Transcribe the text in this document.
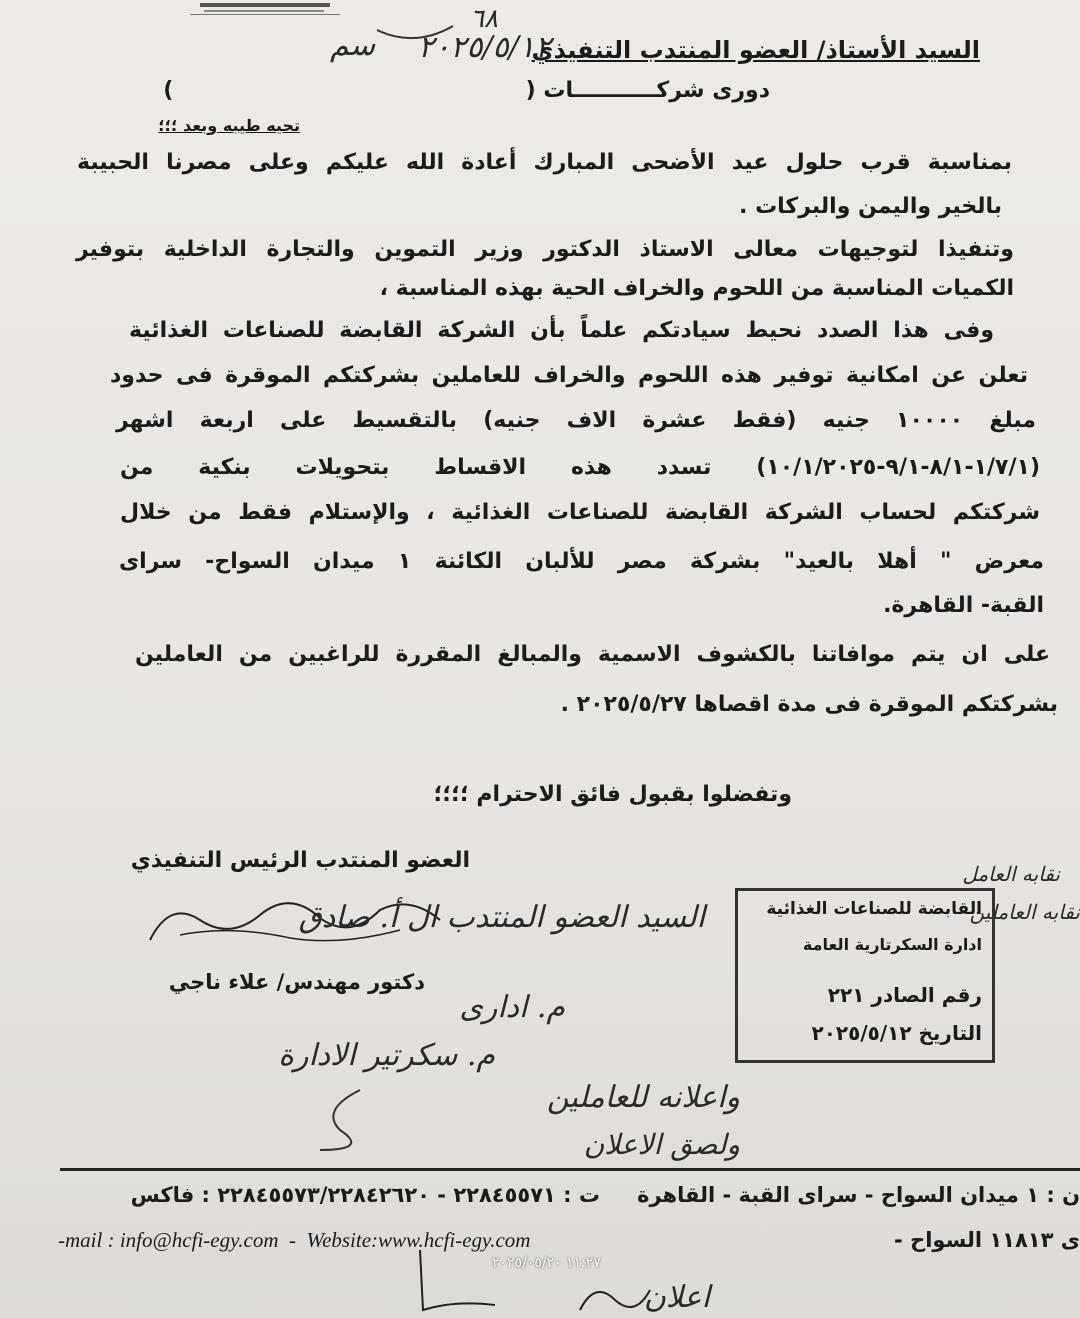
٦٨
٢٠٢٥/٥/١٢
سم	السيد الأستاذ/ العضو المنتدب التنفيذي
دورى شركـــــــــــات (                                              )
تحيه طيبه وبعد ؛؛؛
بمناسبة قرب حلول عيد الأضحى المبارك أعادة الله عليكم وعلى مصرنا الحبيبة
بالخير واليمن والبركات .
وتنفيذا لتوجيهات معالى الاستاذ الدكتور وزير التموين والتجارة الداخلية بتوفير
الكميات المناسبة من اللحوم والخراف الحية بهذه المناسبة ،
وفى هذا الصدد نحيط سيادتكم علماً بأن الشركة القابضة للصناعات الغذائية
تعلن عن امكانية توفير هذه اللحوم والخراف للعاملين بشركتكم الموقرة فى حدود
مبلغ ١٠٠٠٠ جنيه (فقط عشرة الاف جنيه) بالتقسيط على اربعة اشهر
(١/٧/١-٨/١-٩/١-١٠/١/٢٠٢٥) تسدد هذه الاقساط بتحويلات بنكية من
شركتكم لحساب الشركة القابضة للصناعات الغذائية ، والإستلام فقط من خلال
معرض " أهلا بالعيد" بشركة مصر للألبان الكائنة ١ ميدان السواح- سراى
القبة- القاهرة.
على ان يتم موافاتنا بالكشوف الاسمية والمبالغ المقررة للراغبين من العاملين
بشركتكم الموقرة فى مدة اقصاها ٢٠٢٥/٥/٢٧ .
وتفضلوا بقبول فائق الاحترام ؛؛؛؛
العضو المنتدب الرئيس التنفيذي
دكتور مهندس/ علاء ناجي
السيد العضو المنتدب ال أ. صادق
م. ادارى
م. سكرتير الادارة
واعلانه للعاملين
ولصق الاعلان
نقابه العامل
نقابه العاملين
القابضة للصناعات الغذائية
ادارة السكرتارية العامة
رقم الصادر ٢٢١
التاريخ ٢٠٢٥/٥/١٢
ن : ١ ميدان السواح - سراى القبة - القاهرة
ت : ٢٢٨٤٥٥٧١ - ٢٢٨٤٥٥٧٣/٢٢٨٤٢٦٢٠ : فاكس
ى ١١٨١٣ السواح -
-mail : info@hcfi-egy.com  -  Website:www.hcfi-egy.com
١١:٢٧ ٢٠٢٥/٠٥/٢٠
اعلان
